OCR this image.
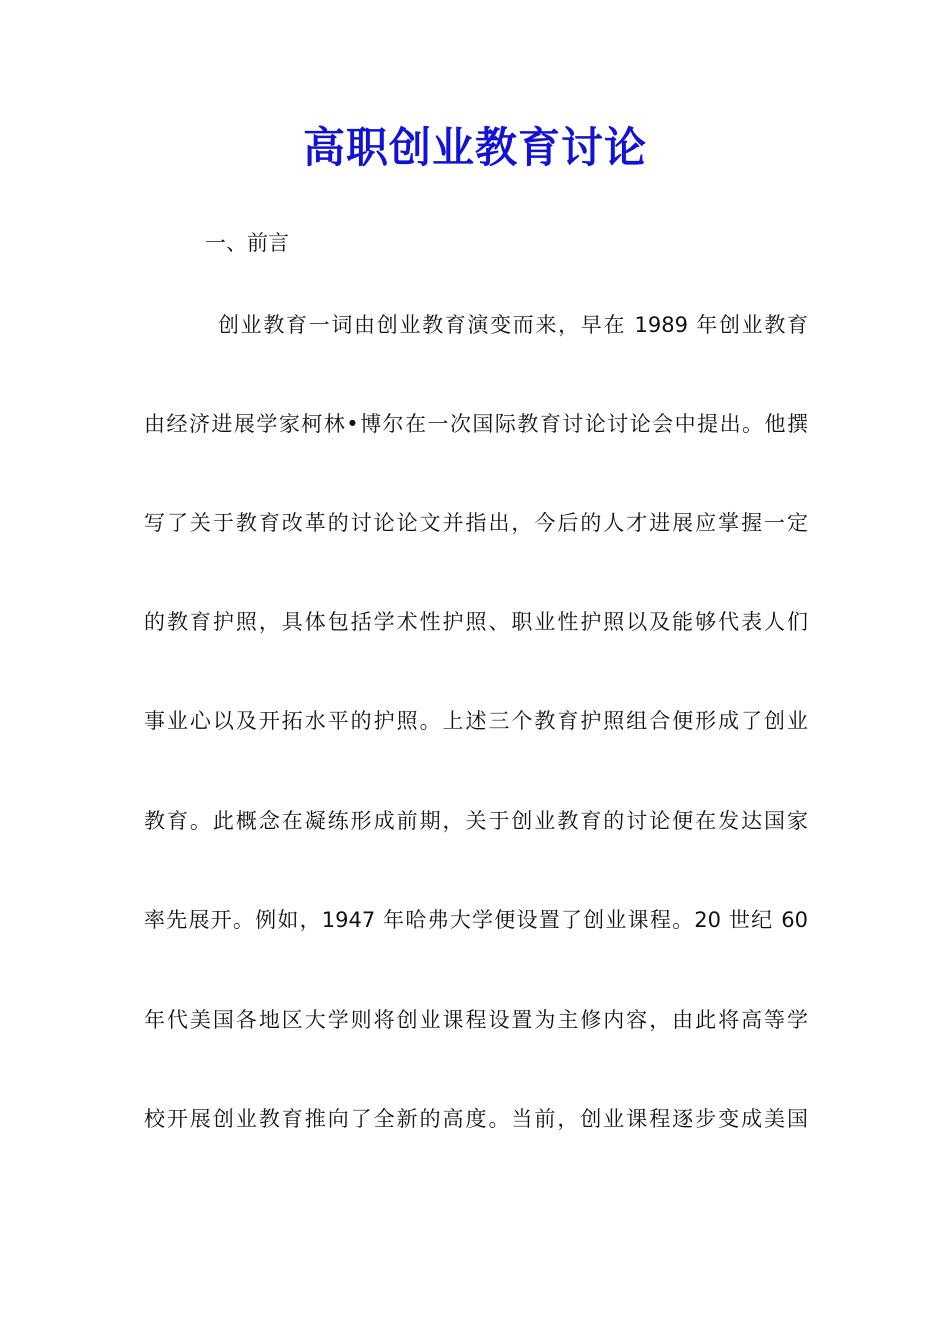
高职创业教育讨论
一、前言
创业教育一词由创业教育演变而来，早在 1989 年创业教育
由经济进展学家柯林•博尔在一次国际教育讨论讨论会中提出。他撰
写了关于教育改革的讨论论文并指出，今后的人才进展应掌握一定
的教育护照，具体包括学术性护照、职业性护照以及能够代表人们
事业心以及开拓水平的护照。上述三个教育护照组合便形成了创业
教育。此概念在凝练形成前期，关于创业教育的讨论便在发达国家
率先展开。例如，1947 年哈弗大学便设置了创业课程。20 世纪 60
年代美国各地区大学则将创业课程设置为主修内容，由此将高等学
校开展创业教育推向了全新的高度。当前，创业课程逐步变成美国
